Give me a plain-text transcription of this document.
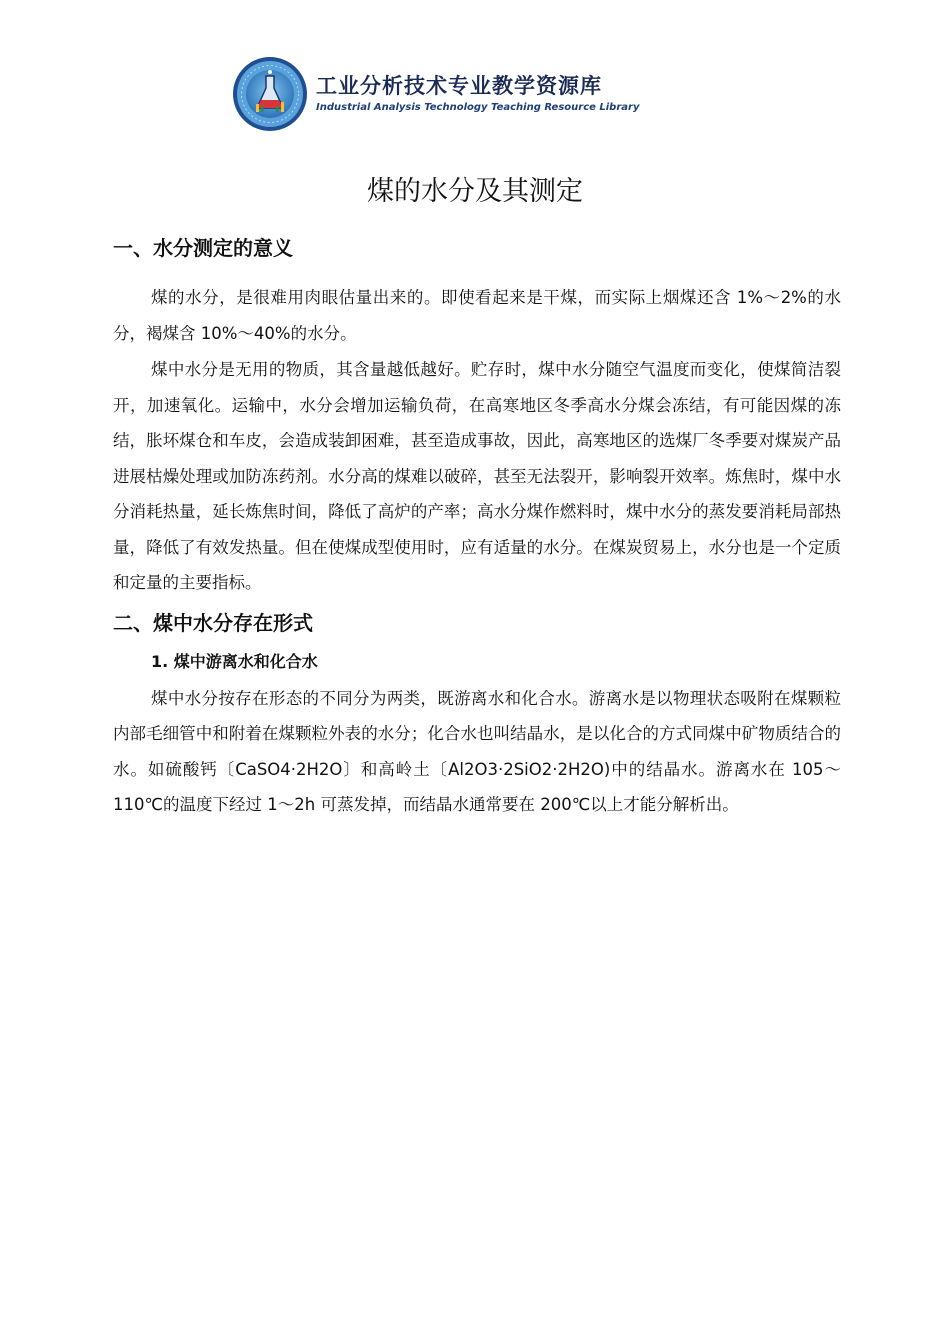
工业分析技术专业教学资源库
Industrial Analysis Technology Teaching Resource Library
煤的水分及其测定
一、水分测定的意义

煤的水分，是很难用肉眼估量出来的。即使看起来是干煤，而实际上烟煤还含 1%～2%的水分，褐煤含 10%～40%的水分。

煤中水分是无用的物质，其含量越低越好。贮存时，煤中水分随空气温度而变化，使煤简洁裂开，加速氧化。运输中，水分会增加运输负荷，在高寒地区冬季高水分煤会冻结，有可能因煤的冻结，胀坏煤仓和车皮，会造成装卸困难，甚至造成事故，因此，高寒地区的选煤厂冬季要对煤炭产品进展枯燥处理或加防冻药剂。水分高的煤难以破碎，甚至无法裂开，影响裂开效率。炼焦时，煤中水分消耗热量，延长炼焦时间，降低了高炉的产率；高水分煤作燃料时，煤中水分的蒸发要消耗局部热量，降低了有效发热量。但在使煤成型使用时，应有适量的水分。在煤炭贸易上，水分也是一个定质和定量的主要指标。

二、煤中水分存在形式
1. 煤中游离水和化合水

煤中水分按存在形态的不同分为两类，既游离水和化合水。游离水是以物理状态吸附在煤颗粒内部毛细管中和附着在煤颗粒外表的水分；化合水也叫结晶水，是以化合的方式同煤中矿物质结合的水。如硫酸钙〔CaSO4·2H2O〕和高岭土〔Al2O3·2SiO2·2H2O)中的结晶水。游离水在 105～110℃的温度下经过 1～2h 可蒸发掉，而结晶水通常要在 200℃以上才能分解析出。
